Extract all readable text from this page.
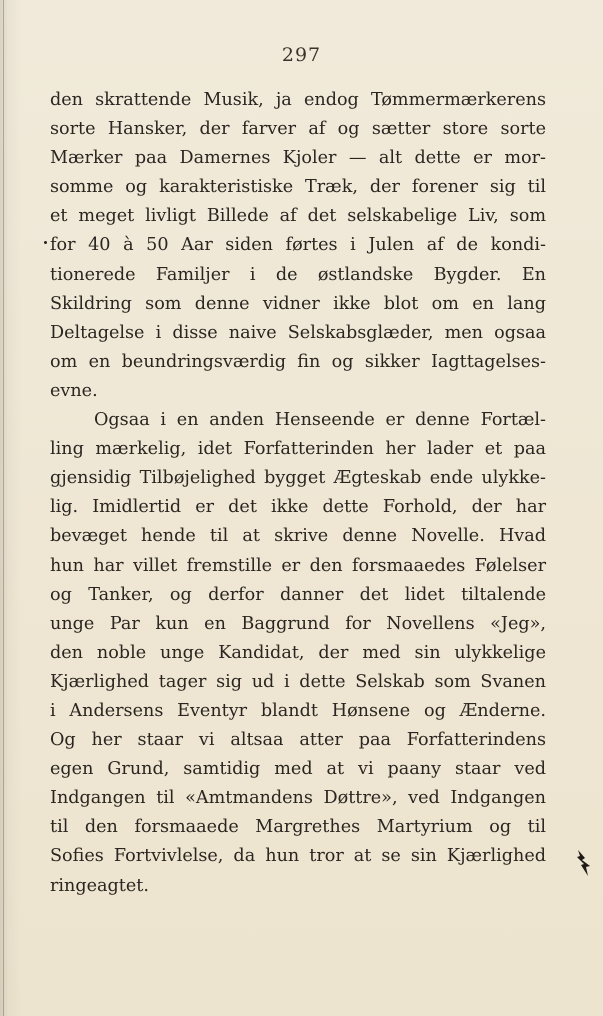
297
den skrattende Musik, ja endog Tømmermærkerens
sorte Hansker, der farver af og sætter store sorte
Mærker paa Damernes Kjoler — alt dette er mor-
somme og karakteristiske Træk, der forener sig til
et meget livligt Billede af det selskabelige Liv, som
for 40 à 50 Aar siden førtes i Julen af de kondi-
tionerede Familjer i de østlandske Bygder. En
Skildring som denne vidner ikke blot om en lang
Deltagelse i disse naive Selskabsglæder, men ogsaa
om en beundringsværdig fin og sikker Iagttagelses-
evne.
Ogsaa i en anden Henseende er denne Fortæl-
ling mærkelig, idet Forfatterinden her lader et paa
gjensidig Tilbøjelighed bygget Ægteskab ende ulykke-
lig. Imidlertid er det ikke dette Forhold, der har
bevæget hende til at skrive denne Novelle. Hvad
hun har villet fremstille er den forsmaaedes Følelser
og Tanker, og derfor danner det lidet tiltalende
unge Par kun en Baggrund for Novellens «Jeg»,
den noble unge Kandidat, der med sin ulykkelige
Kjærlighed tager sig ud i dette Selskab som Svanen
i Andersens Eventyr blandt Hønsene og Ænderne.
Og her staar vi altsaa atter paa Forfatterindens
egen Grund, samtidig med at vi paany staar ved
Indgangen til «Amtmandens Døttre», ved Indgangen
til den forsmaaede Margrethes Martyrium og til
Sofies Fortvivlelse, da hun tror at se sin Kjærlighed
ringeagtet.
